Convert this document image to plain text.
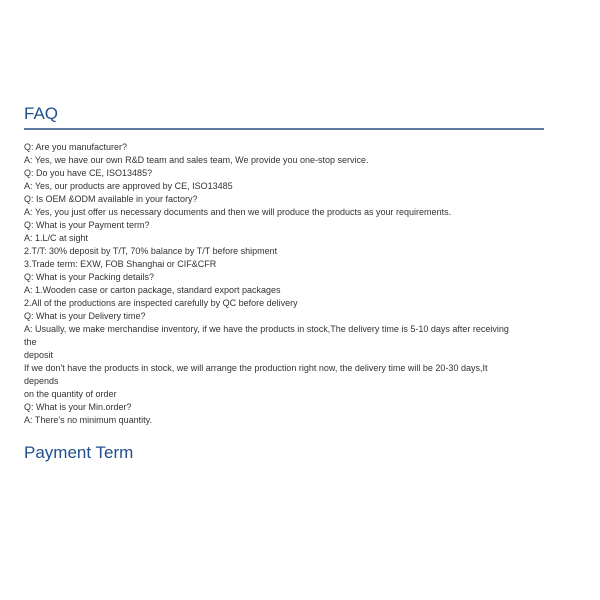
FAQ
Q: Are you manufacturer?
A: Yes, we have our own R&D team and sales team, We provide you one-stop service.
Q: Do you have CE, ISO13485?
A: Yes, our products are approved by CE, ISO13485
Q: Is OEM &ODM available in your factory?
A: Yes, you just offer us necessary documents and then we will produce the products as your requirements.
Q: What is your Payment term?
A: 1.L/C at sight
2.T/T: 30% deposit by T/T, 70% balance by T/T before shipment
3.Trade term: EXW, FOB Shanghai or CIF&CFR
Q: What is your Packing details?
A: 1.Wooden case or carton package, standard export packages
2.All of the productions are inspected carefully by QC before delivery
Q: What is your Delivery time?
A: Usually, we make merchandise inventory, if we have the products in stock,The delivery time is 5-10 days after receiving
the
deposit
If we don't have the products in stock, we will arrange the production right now, the delivery time will be 20-30 days,It
depends
on the quantity of order
Q: What is your Min.order?
A: There's no minimum quantity.
Payment Term
